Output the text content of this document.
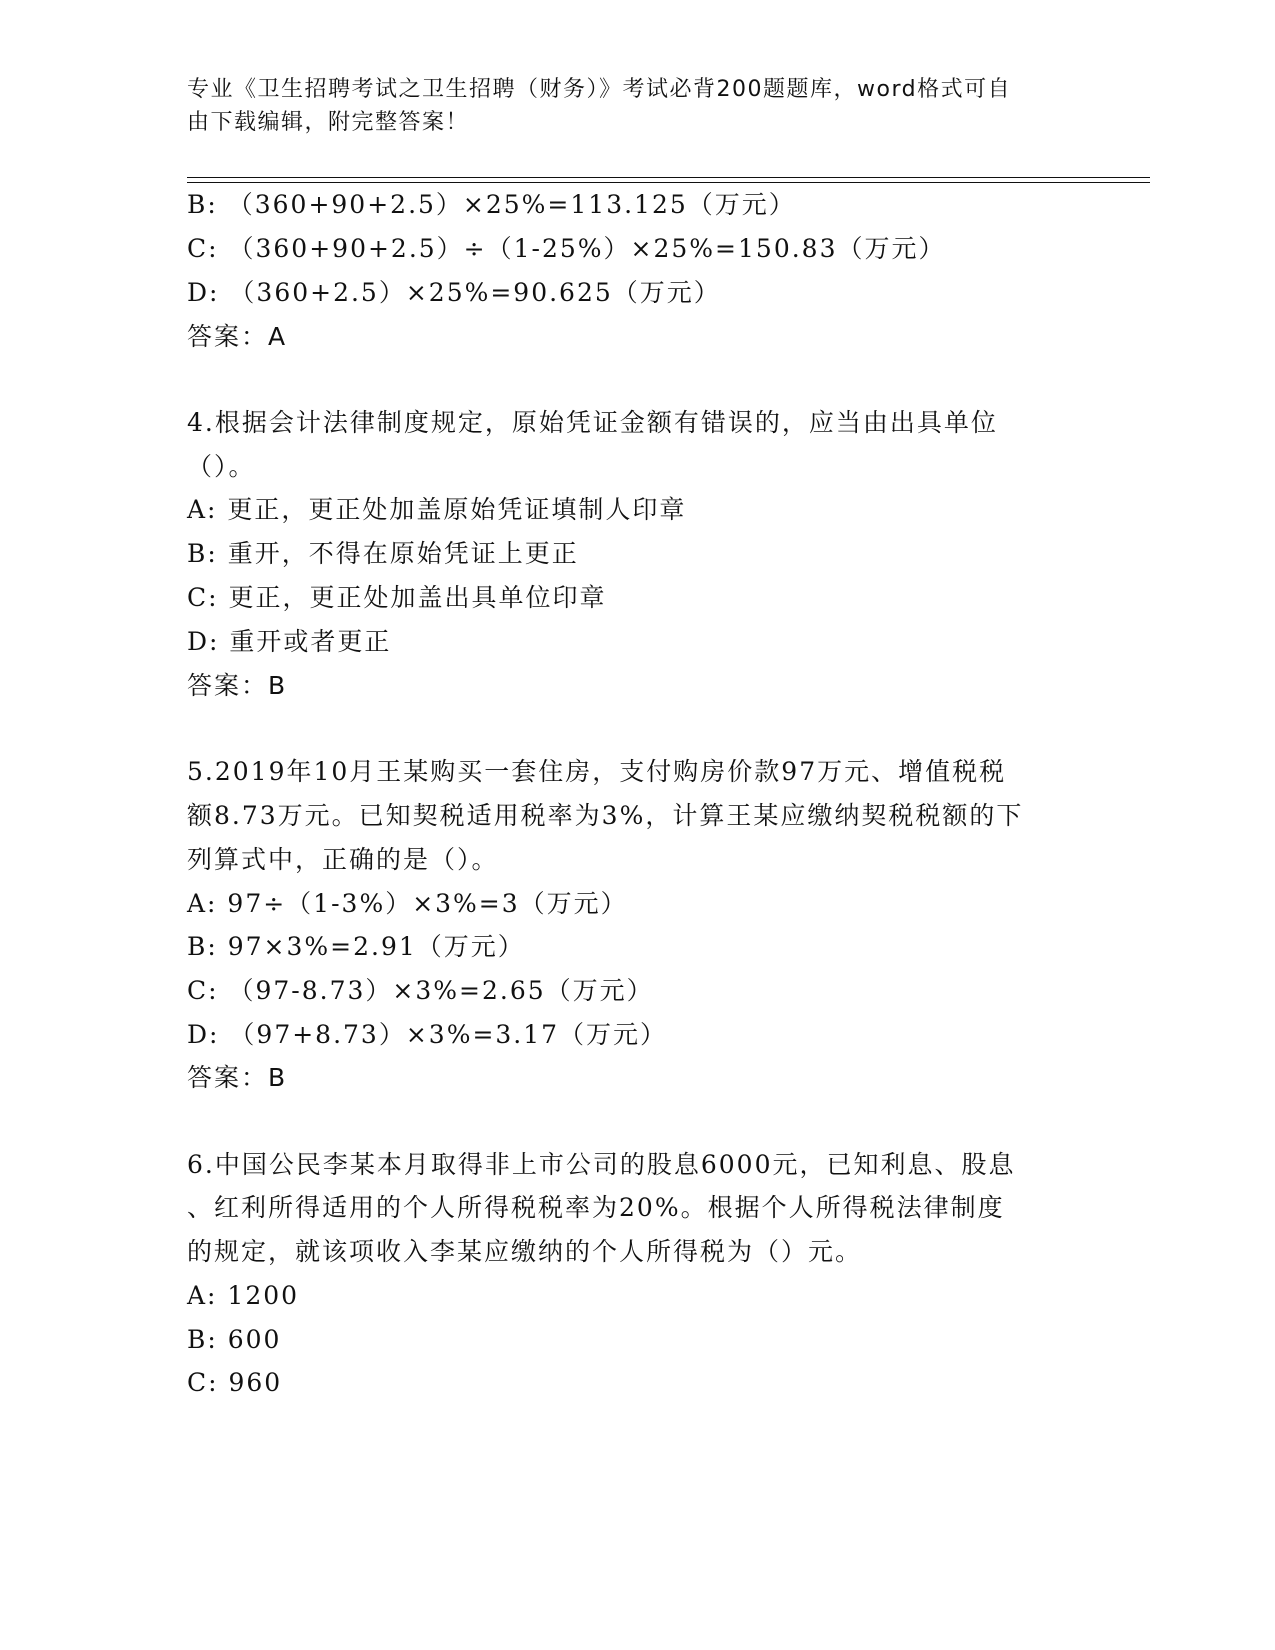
专业《卫生招聘考试之卫生招聘（财务）》考试必背200题题库，word格式可自
由下载编辑，附完整答案！
B: （360+90+2.5）×25%=113.125（万元）
C: （360+90+2.5）÷（1-25%）×25%=150.83（万元）
D: （360+2.5）×25%=90.625（万元）
答案：A
4.根据会计法律制度规定，原始凭证金额有错误的，应当由出具单位
（）。
A: 更正，更正处加盖原始凭证填制人印章
B: 重开，不得在原始凭证上更正
C: 更正，更正处加盖出具单位印章
D: 重开或者更正
答案：B
5.2019年10月王某购买一套住房，支付购房价款97万元、增值税税
额8.73万元。已知契税适用税率为3%，计算王某应缴纳契税税额的下
列算式中，正确的是（）。
A: 97÷（1-3%）×3%=3（万元）
B: 97×3%=2.91（万元）
C: （97-8.73）×3%=2.65（万元）
D: （97+8.73）×3%=3.17（万元）
答案：B
6.中国公民李某本月取得非上市公司的股息6000元，已知利息、股息
、红利所得适用的个人所得税税率为20%。根据个人所得税法律制度
的规定，就该项收入李某应缴纳的个人所得税为（）元。
A: 1200
B: 600
C: 960
